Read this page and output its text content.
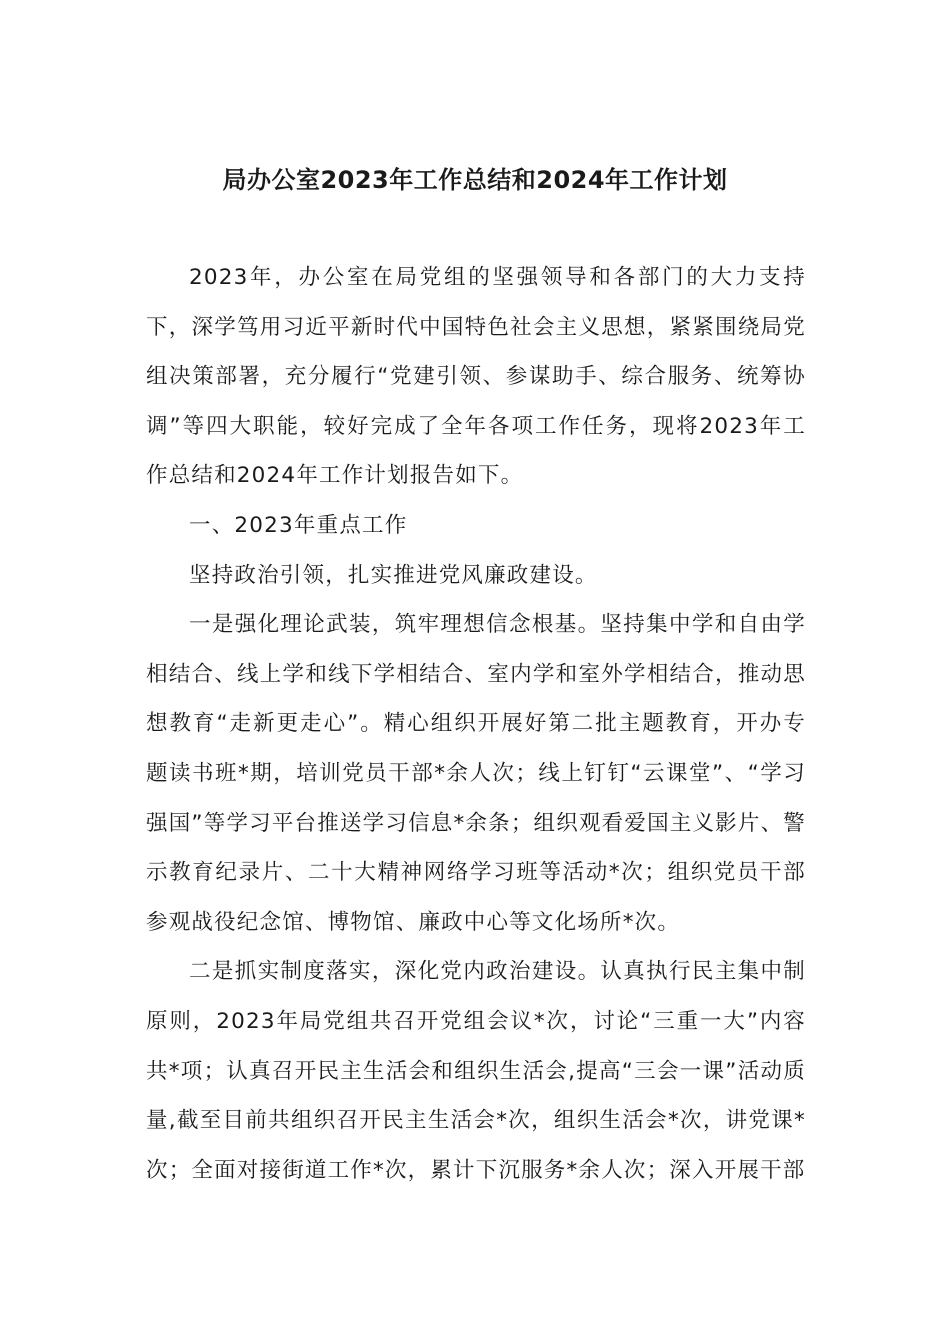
局办公室2023年工作总结和2024年工作计划

2023年，办公室在局党组的坚强领导和各部门的大力支持下，深学笃用习近平新时代中国特色社会主义思想，紧紧围绕局党组决策部署，充分履行“党建引领、参谋助手、综合服务、统筹协调”等四大职能，较好完成了全年各项工作任务，现将2023年工作总结和2024年工作计划报告如下。

一、2023年重点工作

坚持政治引领，扎实推进党风廉政建设。

一是强化理论武装，筑牢理想信念根基。坚持集中学和自由学相结合、线上学和线下学相结合、室内学和室外学相结合，推动思想教育“走新更走心”。精心组织开展好第二批主题教育，开办专题读书班*期，培训党员干部*余人次；线上钉钉“云课堂”、“学习强国”等学习平台推送学习信息*余条；组织观看爱国主义影片、警示教育纪录片、二十大精神网络学习班等活动*次；组织党员干部参观战役纪念馆、博物馆、廉政中心等文化场所*次。

二是抓实制度落实，深化党内政治建设。认真执行民主集中制原则，2023年局党组共召开党组会议*次，讨论“三重一大”内容共*项；认真召开民主生活会和组织生活会,提高“三会一课”活动质量,截至目前共组织召开民主生活会*次，组织生活会*次，讲党课*次；全面对接街道工作*次，累计下沉服务*余人次；深入开展干部
